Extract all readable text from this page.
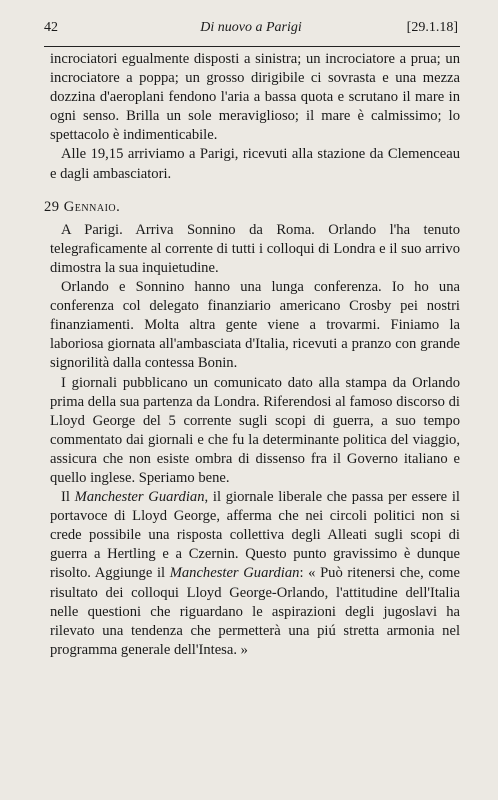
42	Di nuovo a Parigi	[29.1.18]

incrociatori egualmente disposti a sinistra; un incrociatore a prua; un incrociatore a poppa; un grosso dirigibile ci sovrasta e una mezza dozzina d'aeroplani fendono l'aria a bassa quota e scrutano il mare in ogni senso. Brilla un sole meraviglioso; il mare è calmissimo; lo spettacolo è indimenticabile.

Alle 19,15 arriviamo a Parigi, ricevuti alla stazione da Clemenceau e dagli ambasciatori.

29 Gennaio.

A Parigi. Arriva Sonnino da Roma. Orlando l'ha tenuto telegraficamente al corrente di tutti i colloqui di Londra e il suo arrivo dimostra la sua inquietudine.

Orlando e Sonnino hanno una lunga conferenza. Io ho una conferenza col delegato finanziario americano Crosby pei nostri finanziamenti. Molta altra gente viene a trovarmi. Finiamo la laboriosa giornata all'ambasciata d'Italia, ricevuti a pranzo con grande signorilità dalla contessa Bonin.

I giornali pubblicano un comunicato dato alla stampa da Orlando prima della sua partenza da Londra. Riferendosi al famoso discorso di Lloyd George del 5 corrente sugli scopi di guerra, a suo tempo commentato dai giornali e che fu la determinante politica del viaggio, assicura che non esiste ombra di dissenso fra il Governo italiano e quello inglese. Speriamo bene.

Il Manchester Guardian, il giornale liberale che passa per essere il portavoce di Lloyd George, afferma che nei circoli politici non si crede possibile una risposta collettiva degli Alleati sugli scopi di guerra a Hertling e a Czernin. Questo punto gravissimo è dunque risolto. Aggiunge il Manchester Guardian: « Può ritenersi che, come risultato dei colloqui Lloyd George-Orlando, l'attitudine dell'Italia nelle questioni che riguardano le aspirazioni degli jugoslavi ha rilevato una tendenza che permetterà una piú stretta armonia nel programma generale dell'Intesa. »
